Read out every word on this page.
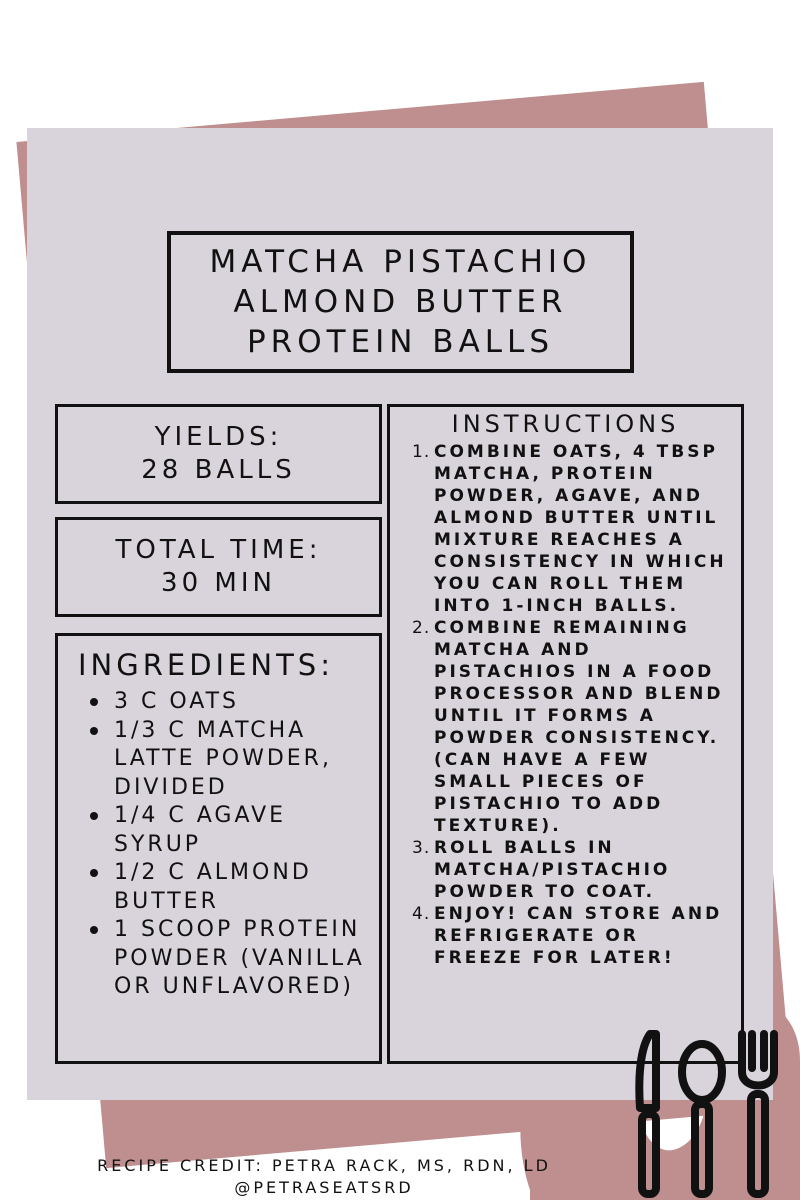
MATCHA PISTACHIO
ALMOND BUTTER
PROTEIN BALLS
YIELDS:
28 BALLS
TOTAL TIME:
30 MIN
INGREDIENTS:
3 C OATS
1/3 C MATCHA LATTE POWDER, DIVIDED
1/4 C AGAVE SYRUP
1/2 C ALMOND BUTTER
1 SCOOP PROTEIN POWDER (VANILLA OR UNFLAVORED)
INSTRUCTIONS
1. COMBINE OATS, 4 TBSP MATCHA, PROTEIN POWDER, AGAVE, AND ALMOND BUTTER UNTIL MIXTURE REACHES A CONSISTENCY IN WHICH YOU CAN ROLL THEM INTO 1-INCH BALLS.
2. COMBINE REMAINING MATCHA AND PISTACHIOS IN A FOOD PROCESSOR AND BLEND UNTIL IT FORMS A POWDER CONSISTENCY. (CAN HAVE A FEW SMALL PIECES OF PISTACHIO TO ADD TEXTURE).
3. ROLL BALLS IN MATCHA/PISTACHIO POWDER TO COAT.
4. ENJOY! CAN STORE AND REFRIGERATE OR FREEZE FOR LATER!
RECIPE CREDIT: PETRA RACK, MS, RDN, LD
@PETRASEATSRD
